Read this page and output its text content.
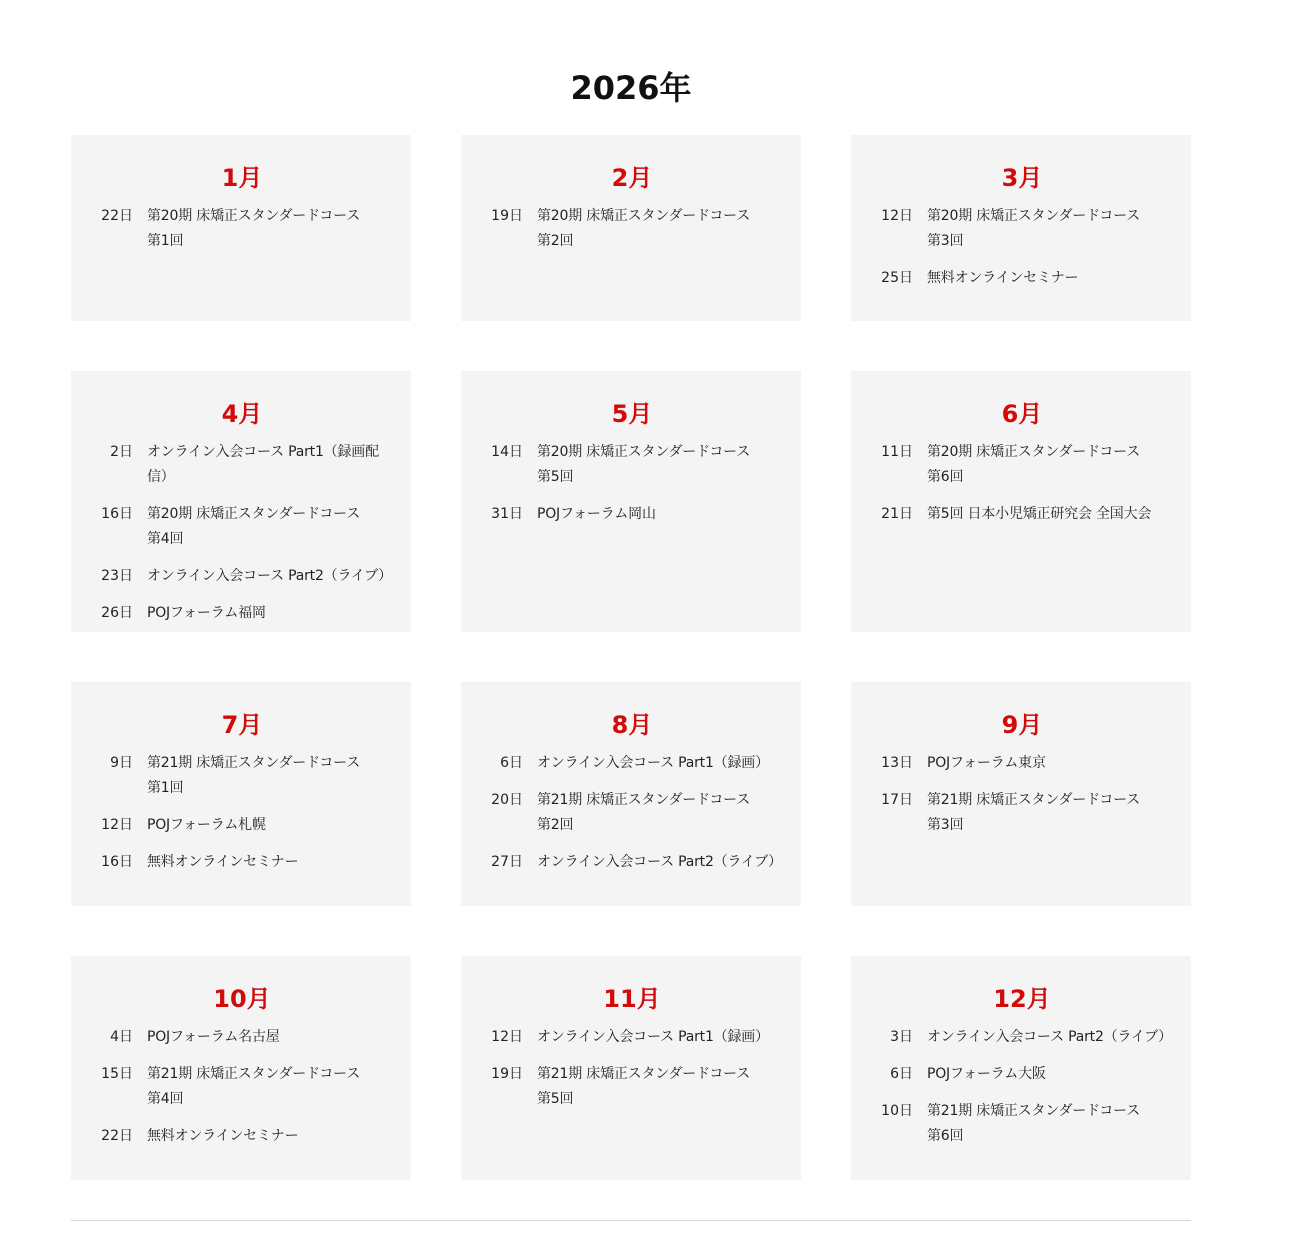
2026年
1月
22日 第20期 床矯正スタンダードコース
第1回
2月
19日 第20期 床矯正スタンダードコース
第2回
3月
12日 第20期 床矯正スタンダードコース
第3回
25日 無料オンラインセミナー
4月
2日 オンライン入会コース Part1（録画配信）
16日 第20期 床矯正スタンダードコース
第4回
23日 オンライン入会コース Part2（ライブ）
26日 POJフォーラム福岡
5月
14日 第20期 床矯正スタンダードコース
第5回
31日 POJフォーラム岡山
6月
11日 第20期 床矯正スタンダードコース
第6回
21日 第5回 日本小児矯正研究会 全国大会
7月
9日 第21期 床矯正スタンダードコース
第1回
12日 POJフォーラム札幌
16日 無料オンラインセミナー
8月
6日 オンライン入会コース Part1（録画）
20日 第21期 床矯正スタンダードコース
第2回
27日 オンライン入会コース Part2（ライブ）
9月
13日 POJフォーラム東京
17日 第21期 床矯正スタンダードコース
第3回
10月
4日 POJフォーラム名古屋
15日 第21期 床矯正スタンダードコース
第4回
22日 無料オンラインセミナー
11月
12日 オンライン入会コース Part1（録画）
19日 第21期 床矯正スタンダードコース
第5回
12月
3日 オンライン入会コース Part2（ライブ）
6日 POJフォーラム大阪
10日 第21期 床矯正スタンダードコース
第6回
